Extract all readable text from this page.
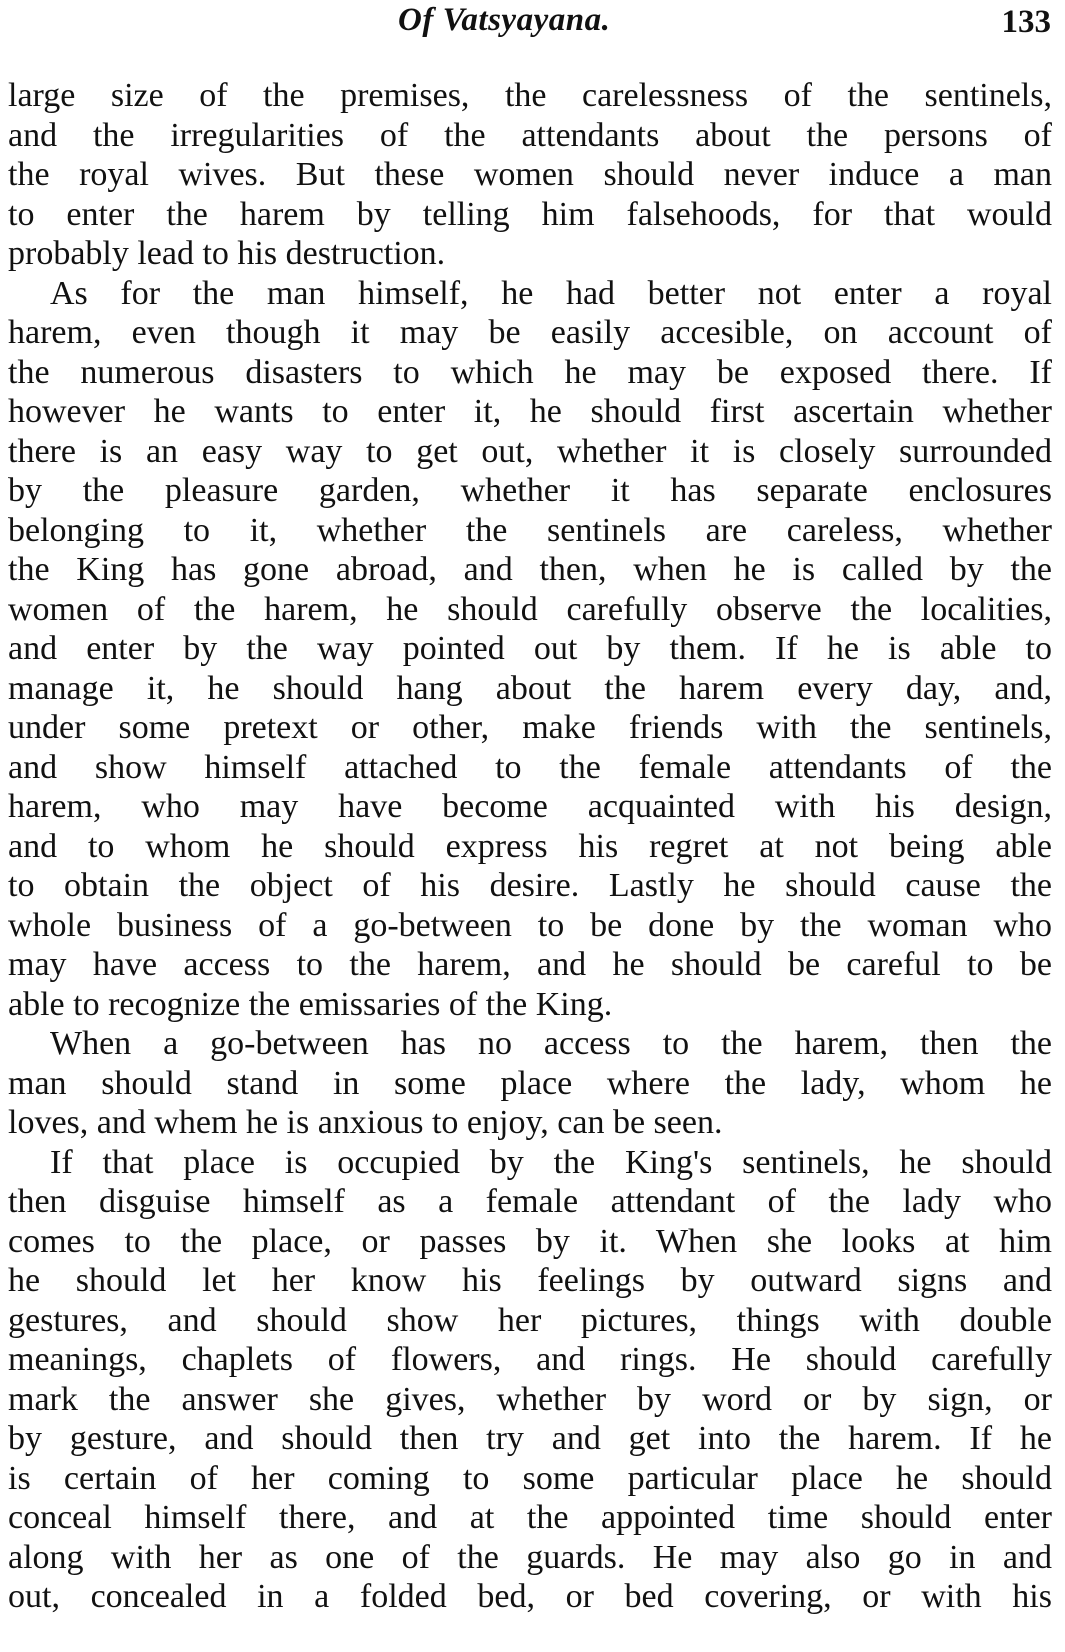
Of Vatsyayana.	133
large size of the premises, the carelessness of the sentinels,
and the irregularities of the attendants about the persons of
the royal wives. But these women should never induce a man
to enter the harem by telling him falsehoods, for that would
probably lead to his destruction.
As for the man himself, he had better not enter a royal
harem, even though it may be easily accesible, on account of
the numerous disasters to which he may be exposed there. If
however he wants to enter it, he should first ascertain whether
there is an easy way to get out, whether it is closely surrounded
by the pleasure garden, whether it has separate enclosures
belonging to it, whether the sentinels are careless, whether
the King has gone abroad, and then, when he is called by the
women of the harem, he should carefully observe the localities,
and enter by the way pointed out by them. If he is able to
manage it, he should hang about the harem every day, and,
under some pretext or other, make friends with the sentinels,
and show himself attached to the female attendants of the
harem, who may have become acquainted with his design,
and to whom he should express his regret at not being able
to obtain the object of his desire. Lastly he should cause the
whole business of a go-between to be done by the woman who
may have access to the harem, and he should be careful to be
able to recognize the emissaries of the King.
When a go-between has no access to the harem, then the
man should stand in some place where the lady, whom he
loves, and whem he is anxious to enjoy, can be seen.
If that place is occupied by the King's sentinels, he should
then disguise himself as a female attendant of the lady who
comes to the place, or passes by it. When she looks at him
he should let her know his feelings by outward signs and
gestures, and should show her pictures, things with double
meanings, chaplets of flowers, and rings. He should carefully
mark the answer she gives, whether by word or by sign, or
by gesture, and should then try and get into the harem. If he
is certain of her coming to some particular place he should
conceal himself there, and at the appointed time should enter
along with her as one of the guards. He may also go in and
out, concealed in a folded bed, or bed covering, or with his
